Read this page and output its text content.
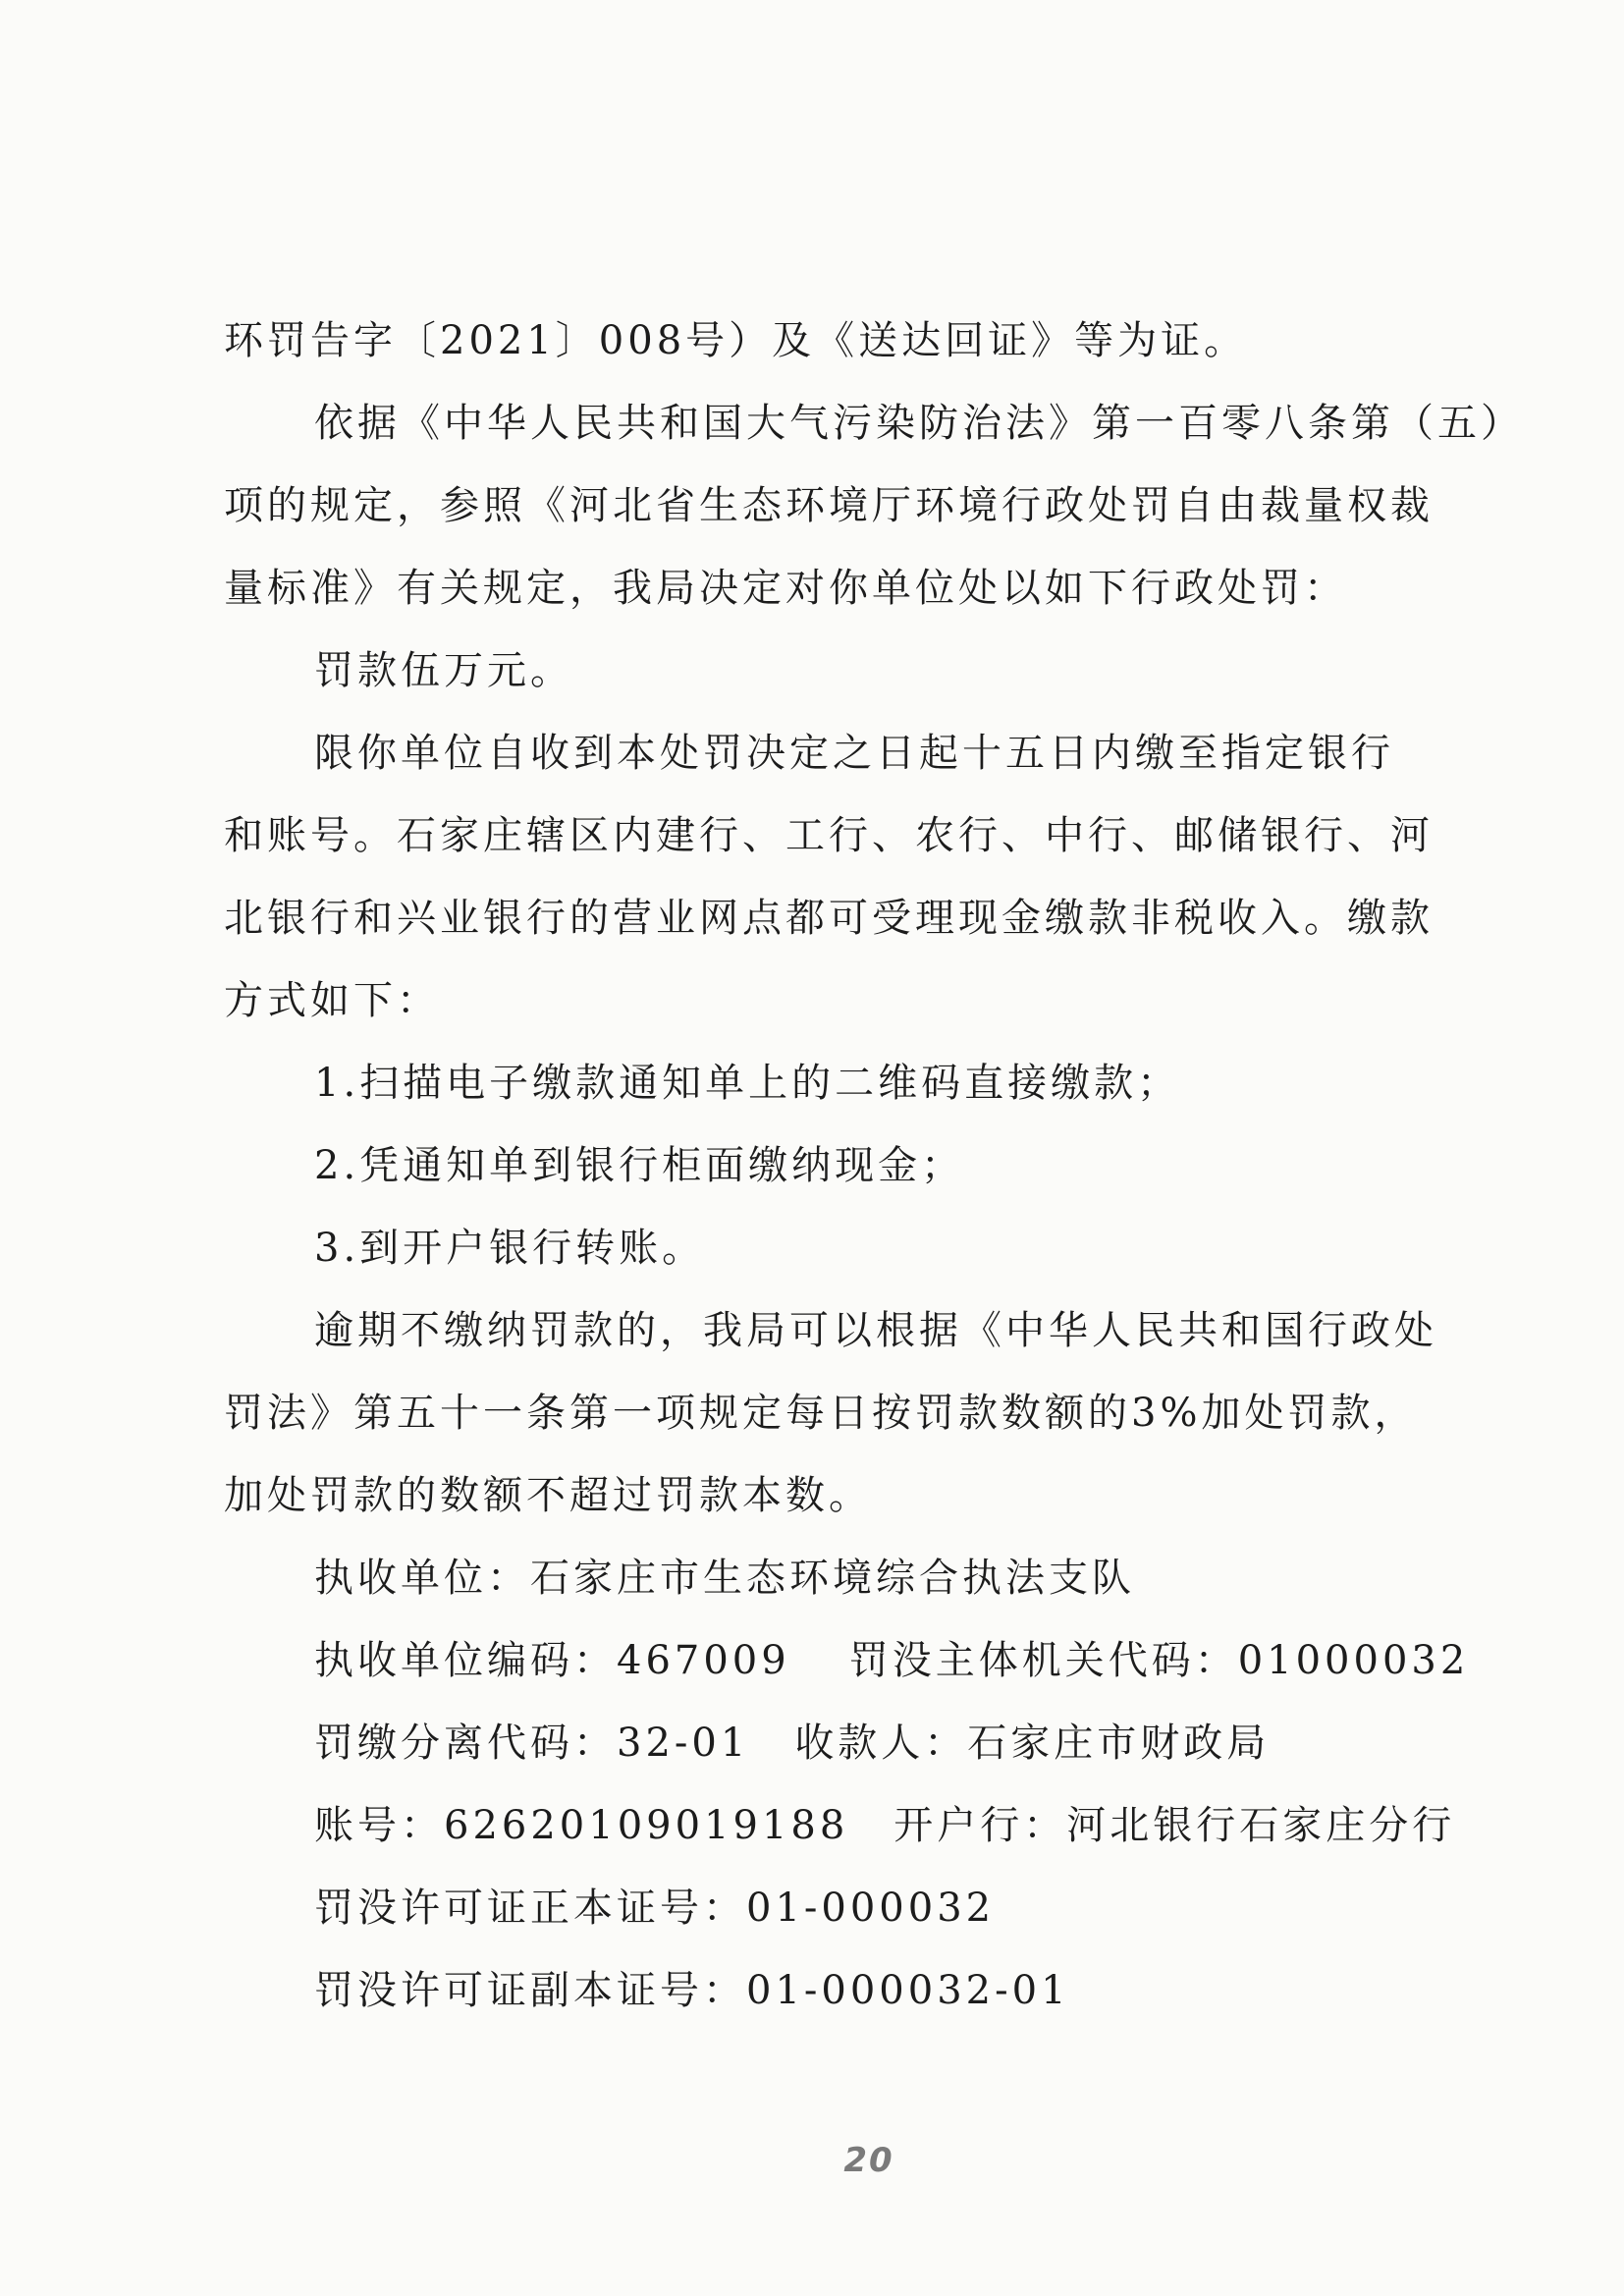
环罚告字〔2021〕008号）及《送达回证》等为证。
依据《中华人民共和国大气污染防治法》第一百零八条第（五）
项的规定，参照《河北省生态环境厅环境行政处罚自由裁量权裁
量标准》有关规定，我局决定对你单位处以如下行政处罚：
罚款伍万元。
限你单位自收到本处罚决定之日起十五日内缴至指定银行
和账号。石家庄辖区内建行、工行、农行、中行、邮储银行、河
北银行和兴业银行的营业网点都可受理现金缴款非税收入。缴款
方式如下：
1.扫描电子缴款通知单上的二维码直接缴款；
2.凭通知单到银行柜面缴纳现金；
3.到开户银行转账。
逾期不缴纳罚款的，我局可以根据《中华人民共和国行政处
罚法》第五十一条第一项规定每日按罚款数额的3%加处罚款，
加处罚款的数额不超过罚款本数。
执收单位：石家庄市生态环境综合执法支队
执收单位编码：467009 罚没主体机关代码：01000032
罚缴分离代码：32-01 收款人：石家庄市财政局
账号：62620109019188 开户行：河北银行石家庄分行
罚没许可证正本证号：01-000032
罚没许可证副本证号：01-000032-01
20
